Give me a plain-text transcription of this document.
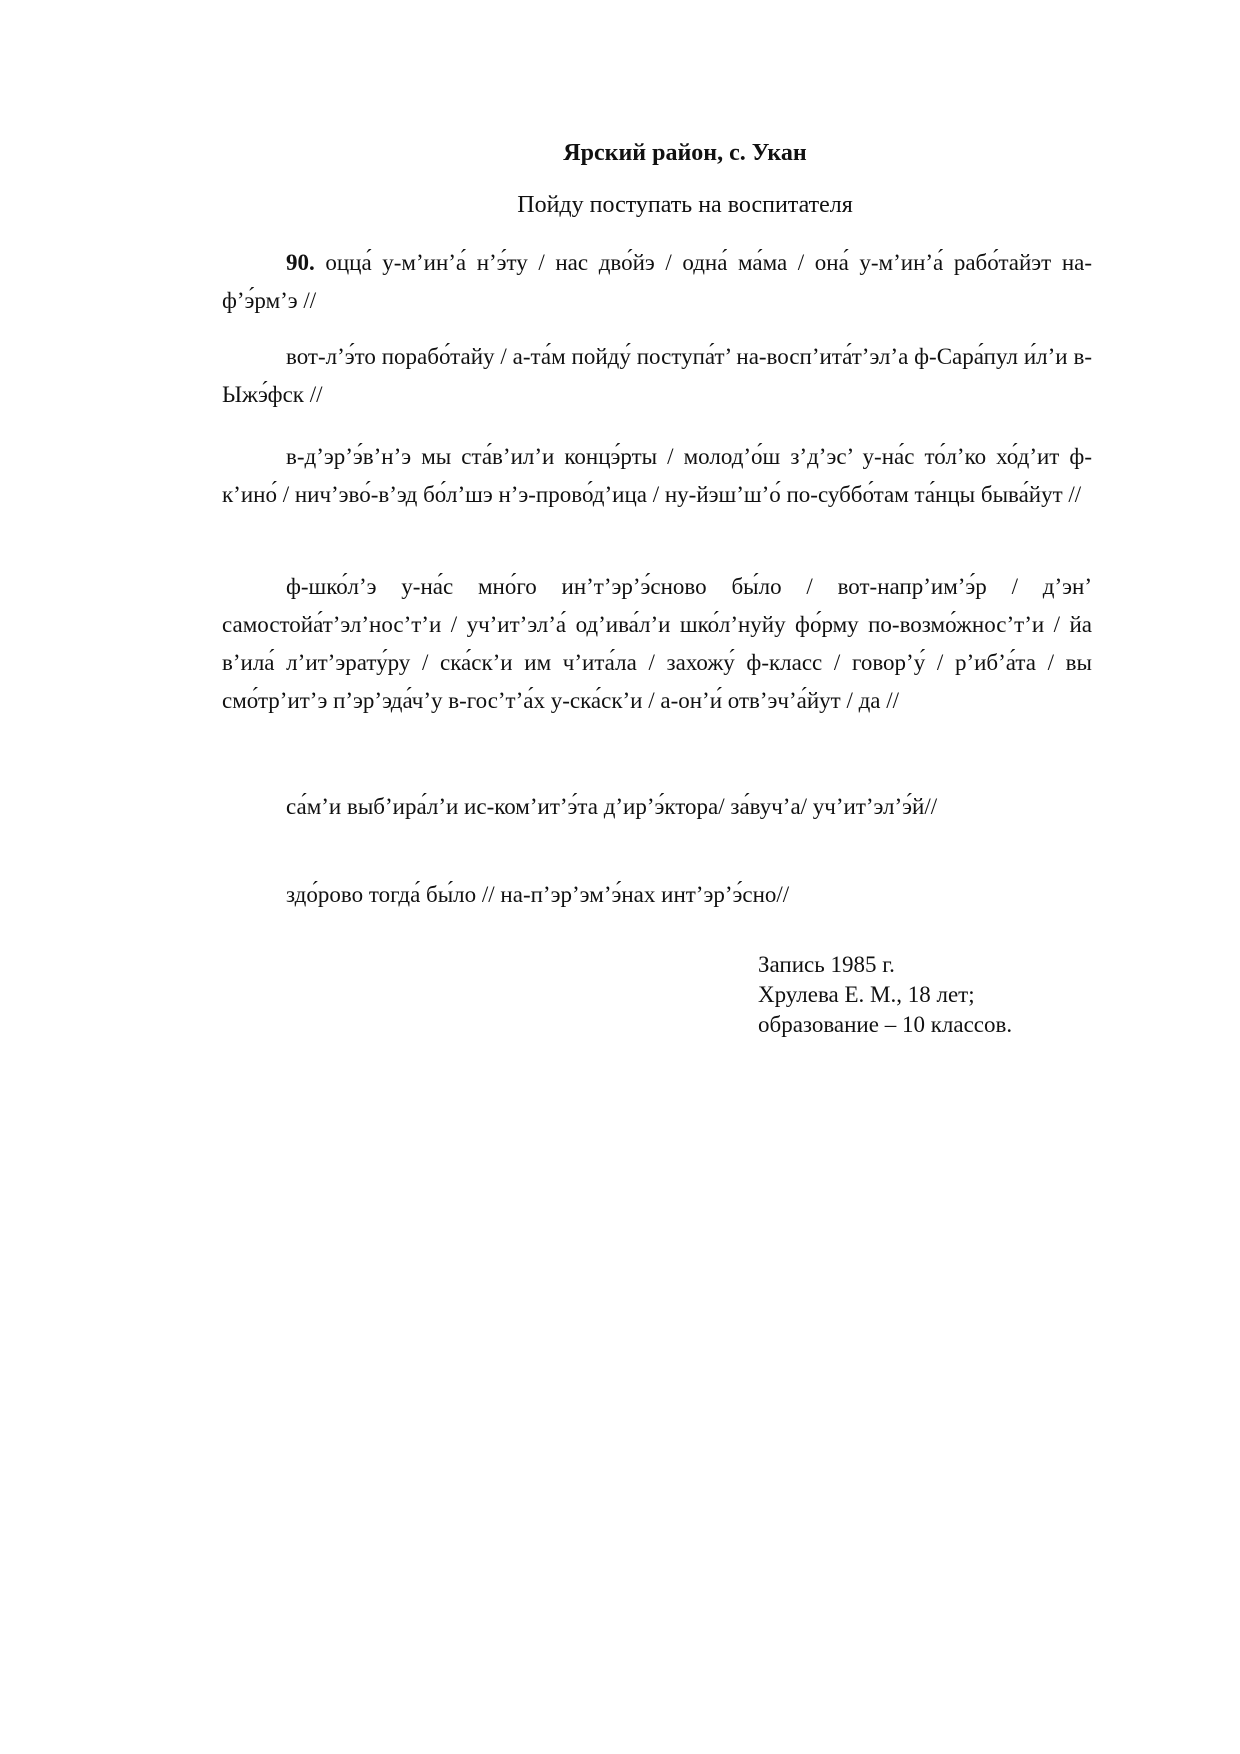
Ярский район, с. Укан
Пойду поступать на воспитателя

90. оцца́ у-м’ин’а́ н’э́ту / нас дво́йэ / одна́ ма́ма / она́ у-м’ин’а́ рабо́тайэт на-ф’э́рм’э //

вот-л’э́то порабо́тайу / а-та́м пойду́ поступа́т’ на-восп’ита́т’эл’а ф-Сара́пул и́л’и в-Ыжэ́фск //

в-д’эр’э́в’н’э мы ста́в’ил’и концэ́рты / молод’о́ш з’д’эс’ у-на́с то́л’ко хо́д’ит ф-к’ино́ / нич’эво́-в’эд бо́л’шэ н’э-прово́д’ица / ну-йэш’ш’о́ по-суббо́там та́нцы быва́йут //

ф-шко́л’э у-на́с мно́го ин’т’эр’э́сново бы́ло / вот-напр’им’э́р / д’эн’ самостойа́т’эл’нос’т’и / уч’ит’эл’а́ од’ива́л’и шко́л’нуйу фо́рму по-возмо́жнос’т’и / йа в’ила́ л’ит’эрату́ру / ска́ск’и им ч’ита́ла / захожу́ ф-класс / говор’у́ / р’иб’а́та / вы смо́тр’ит’э п’эр’эда́ч’у в-гос’т’а́х у-ска́ск’и / а-он’и́ отв’эч’а́йут / да //

са́м’и выб’ира́л’и ис-ком’ит’э́та д’ир’э́ктора/ за́вуч’а/ уч’ит’эл’э́й//

здо́рово тогда́ бы́ло // на-п’эр’эм’э́нах инт’эр’э́сно//

Запись 1985 г.
Хрулева Е. М., 18 лет;
образование – 10 классов.
